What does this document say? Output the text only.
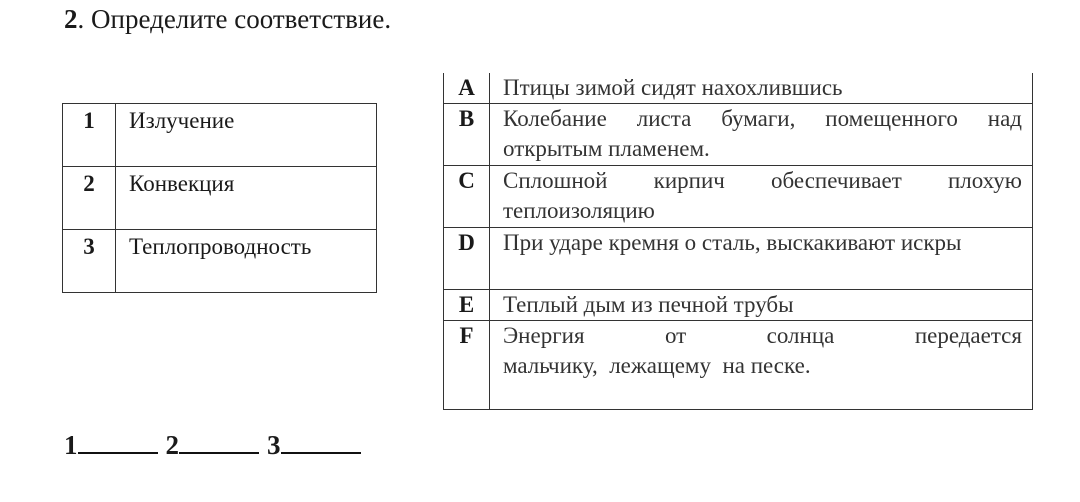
2. Определите соответствие.
1	Излучение
2	Конвекция
3	Теплопроводность
A	Птицы зимой сидят нахохлившись
B	Колебание листа бумаги, помещенного над открытым пламенем.
C	Сплошной кирпич обеспечивает плохую теплоизоляцию
D	При ударе кремня о сталь, выскакивают искры
E	Теплый дым из печной трубы
F	Энергия от солнца передается
мальчику,  лежащему  на песке.
1	2	3
